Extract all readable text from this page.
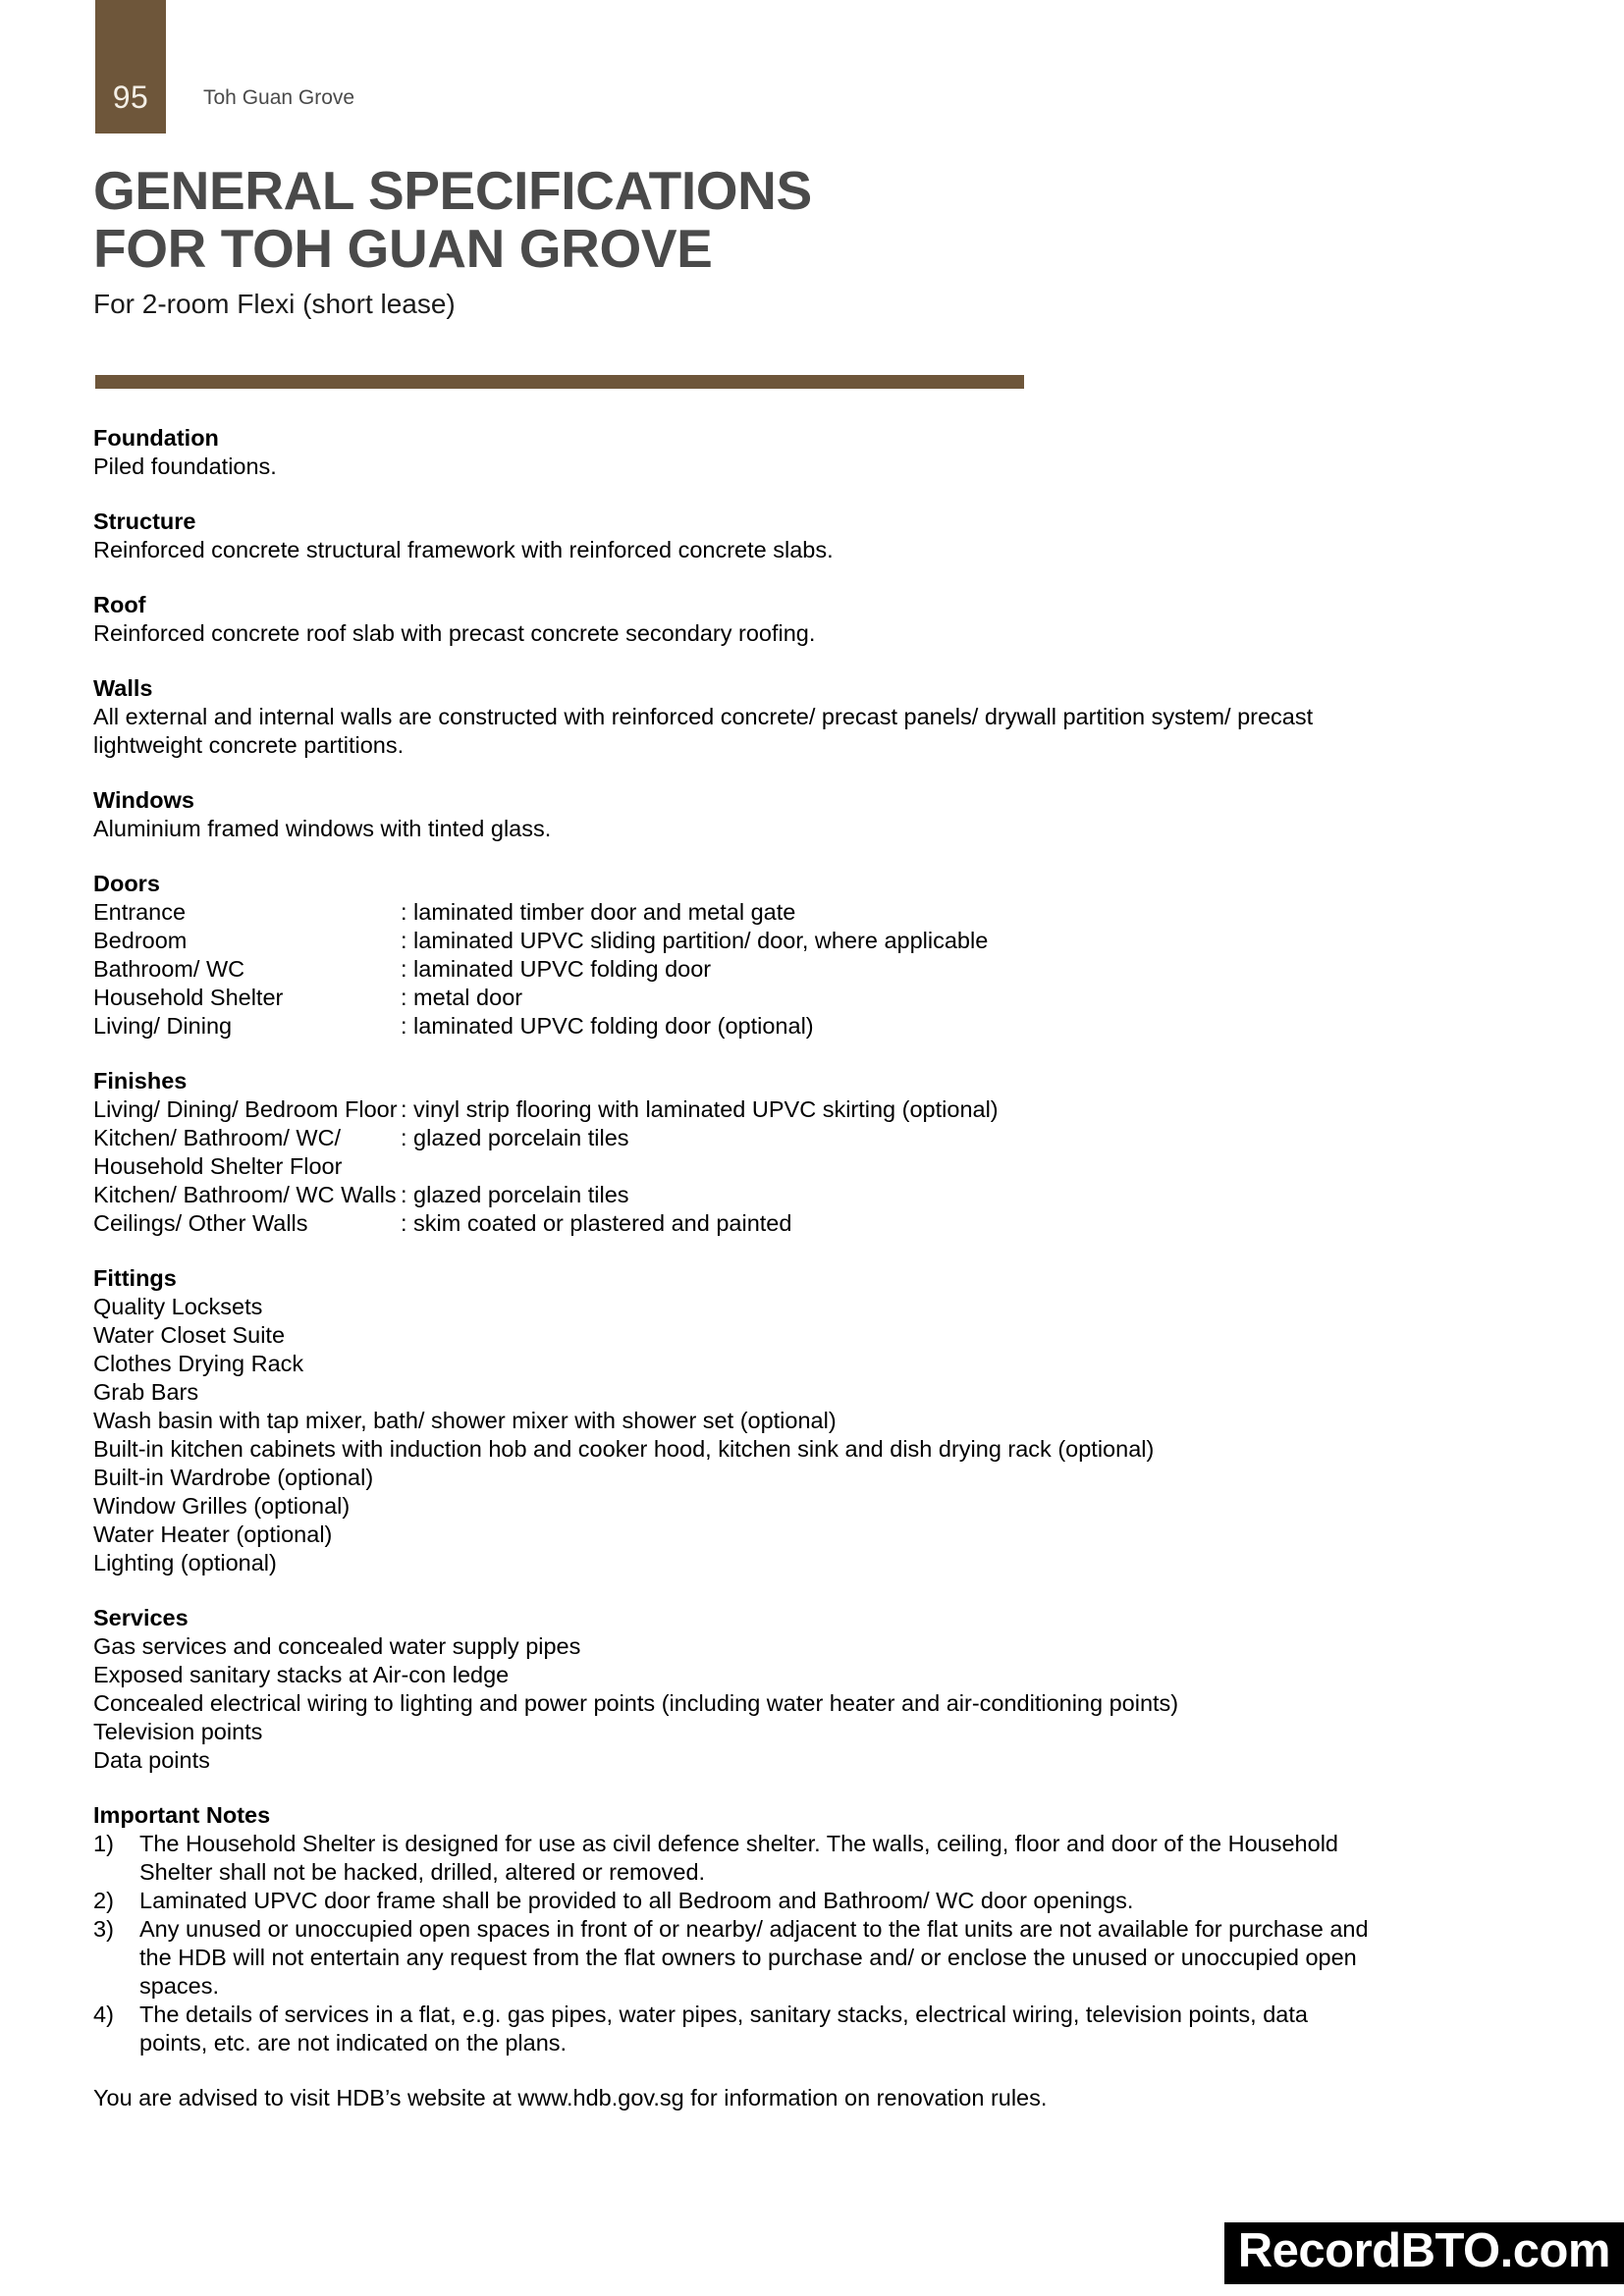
95	Toh Guan Grove
GENERAL SPECIFICATIONS
FOR TOH GUAN GROVE
For 2-room Flexi (short lease)
Foundation
Piled foundations.
Structure
Reinforced concrete structural framework with reinforced concrete slabs.
Roof
Reinforced concrete roof slab with precast concrete secondary roofing.
Walls
All external and internal walls are constructed with reinforced concrete/ precast panels/ drywall partition system/ precast lightweight concrete partitions.
Windows
Aluminium framed windows with tinted glass.
Doors
Entrance	: laminated timber door and metal gate
Bedroom	: laminated UPVC sliding partition/ door, where applicable
Bathroom/ WC	: laminated UPVC folding door
Household Shelter	: metal door
Living/ Dining	: laminated UPVC folding door (optional)
Finishes
Living/ Dining/ Bedroom Floor : vinyl strip flooring with laminated UPVC skirting (optional)
Kitchen/ Bathroom/ WC/	: glazed porcelain tiles
Household Shelter Floor
Kitchen/ Bathroom/ WC Walls : glazed porcelain tiles
Ceilings/ Other Walls	: skim coated or plastered and painted
Fittings
Quality Locksets
Water Closet Suite
Clothes Drying Rack
Grab Bars
Wash basin with tap mixer, bath/ shower mixer with shower set (optional)
Built-in kitchen cabinets with induction hob and cooker hood, kitchen sink and dish drying rack (optional)
Built-in Wardrobe (optional)
Window Grilles (optional)
Water Heater (optional)
Lighting (optional)
Services
Gas services and concealed water supply pipes
Exposed sanitary stacks at Air-con ledge
Concealed electrical wiring to lighting and power points (including water heater and air-conditioning points)
Television points
Data points
Important Notes
1)	The Household Shelter is designed for use as civil defence shelter. The walls, ceiling, floor and door of the Household Shelter shall not be hacked, drilled, altered or removed.
2)	Laminated UPVC door frame shall be provided to all Bedroom and Bathroom/ WC door openings.
3)	Any unused or unoccupied open spaces in front of or nearby/ adjacent to the flat units are not available for purchase and the HDB will not entertain any request from the flat owners to purchase and/ or enclose the unused or unoccupied open spaces.
4)	The details of services in a flat, e.g. gas pipes, water pipes, sanitary stacks, electrical wiring, television points, data points, etc. are not indicated on the plans.
You are advised to visit HDB’s website at www.hdb.gov.sg for information on renovation rules.
RecordBTO.com
